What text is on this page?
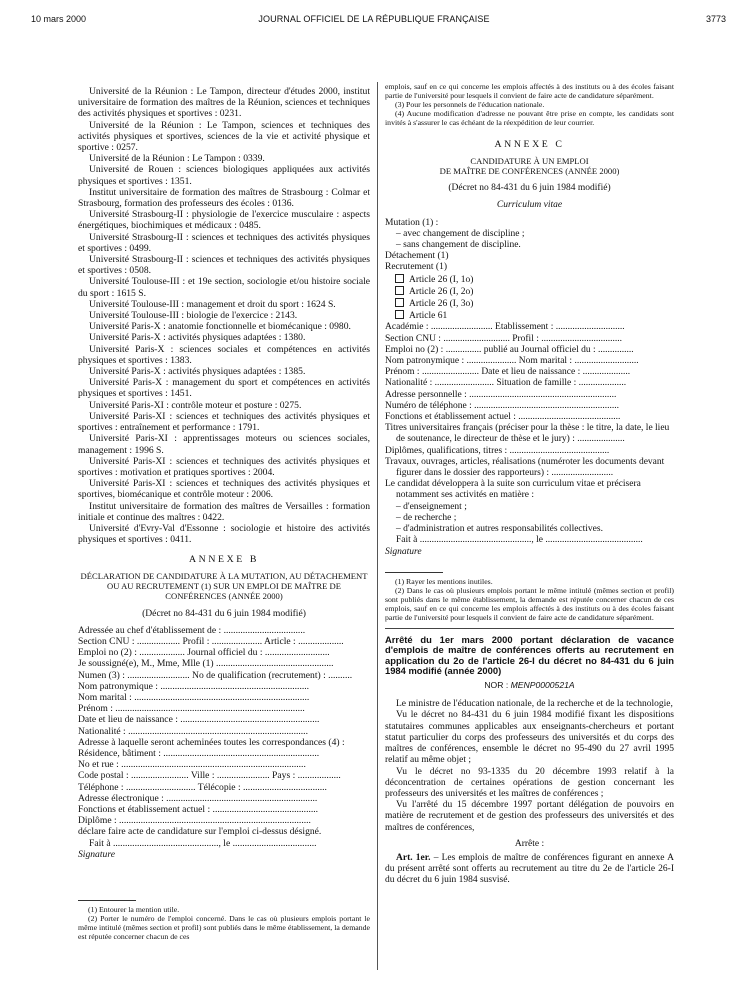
10 mars 2000	JOURNAL OFFICIEL DE LA RÉPUBLIQUE FRANÇAISE	3773

Université de la Réunion : Le Tampon, directeur d'études 2000, institut universitaire de formation des maîtres de la Réunion, sciences et techniques des activités physiques et sportives : 0231.

Université de la Réunion : Le Tampon, sciences et techniques des activités physiques et sportives, sciences de la vie et activité physique et sportive : 0257.

Université de la Réunion : Le Tampon : 0339.

Université de Rouen : sciences biologiques appliquées aux activités physiques et sportives : 1351.

Institut universitaire de formation des maîtres de Strasbourg : Colmar et Strasbourg, formation des professeurs des écoles : 0136.

Université Strasbourg-II : physiologie de l'exercice musculaire : aspects énergétiques, biochimiques et médicaux : 0485.

Université Strasbourg-II : sciences et techniques des activités physiques et sportives : 0499.

Université Strasbourg-II : sciences et techniques des activités physiques et sportives : 0508.

Université Toulouse-III : et 19e section, sociologie et/ou histoire sociale du sport : 1615 S.

Université Toulouse-III : management et droit du sport : 1624 S.

Université Toulouse-III : biologie de l'exercice : 2143.

Université Paris-X : anatomie fonctionnelle et biomécanique : 0980.

Université Paris-X : activités physiques adaptées : 1380.

Université Paris-X : sciences sociales et compétences en activités physiques et sportives : 1383.

Université Paris-X : activités physiques adaptées : 1385.

Université Paris-X : management du sport et compétences en activités physiques et sportives : 1451.

Université Paris-XI : contrôle moteur et posture : 0275.

Université Paris-XI : sciences et techniques des activités physiques et sportives : entraînement et performance : 1791.

Université Paris-XI : apprentissages moteurs ou sciences sociales, management : 1996 S.

Université Paris-XI : sciences et techniques des activités physiques et sportives : motivation et pratiques sportives : 2004.

Université Paris-XI : sciences et techniques des activités physiques et sportives, biomécanique et contrôle moteur : 2006.

Institut universitaire de formation des maîtres de Versailles : formation initiale et continue des maîtres : 0422.

Université d'Evry-Val d'Essonne : sociologie et histoire des activités physiques et sportives : 0411.

ANNEXE B

DÉCLARATION DE CANDIDATURE À LA MUTATION, AU DÉTACHEMENT OU AU RECRUTEMENT (1) SUR UN EMPLOI DE MAÎTRE DE CONFÉRENCES (ANNÉE 2000)

(Décret no 84-431 du 6 juin 1984 modifié)

Adressée au chef d'établissement de : ..................................

Section CNU : .................. Profil : ..................... Article : ...................

Emploi no (2) : ................... Journal officiel du : ...........................

Je soussigné(e), M., Mme, Mlle (1) .................................................

Numen (3) : .......................... No de qualification (recrutement) : ..........

Nom patronymique : ..............................................................

Nom marital : .........................................................................

Prénom : ...............................................................................

Date et lieu de naissance : ..........................................................

Nationalité : ...........................................................................

Adresse à laquelle seront acheminées toutes les correspondances (4) :

Résidence, bâtiment : .................................................................

No et rue : .............................................................................

Code postal : ........................ Ville : ...................... Pays : ..................

Téléphone : ............................. Télécopie : ...................................

Adresse électronique : ...............................................................

Fonctions et établissement actuel : ............................................

Diplôme : ................................................................................

déclare faire acte de candidature sur l'emploi ci-dessus désigné.

Fait à ............................................, le ...................................

Signature

(1) Entourer la mention utile.

(2) Porter le numéro de l'emploi concerné. Dans le cas où plusieurs emplois portant le même intitulé (mêmes section et profil) sont publiés dans le même établissement, la demande est réputée concerner chacun de ces

emplois, sauf en ce qui concerne les emplois affectés à des instituts ou à des écoles faisant partie de l'université pour lesquels il convient de faire acte de candidature séparément.

(3) Pour les personnels de l'éducation nationale.

(4) Aucune modification d'adresse ne pouvant être prise en compte, les candidats sont invités à s'assurer le cas échéant de la réexpédition de leur courrier.

ANNEXE C

CANDIDATURE À UN EMPLOI

DE MAÎTRE DE CONFÉRENCES (ANNÉE 2000)

(Décret no 84-431 du 6 juin 1984 modifié)

Curriculum vitae

Mutation (1) :

– avec changement de discipline ;

– sans changement de discipline.

Détachement (1)

Recrutement (1)

Article 26 (I, 1o)

Article 26 (I, 2o)

Article 26 (I, 3o)

Article 61

Académie : .......................... Etablissement : .............................

Section CNU : ............................ Profil : ..................................

Emploi no (2) : ............... publié au Journal officiel du : ...............

Nom patronymique : ..................... Nom marital : ...........................

Prénom : ........................ Date et lieu de naissance : ....................

Nationalité : ......................... Situation de famille : ....................

Adresse personnelle : ..............................................................

Numéro de téléphone : .............................................................

Fonctions et établissement actuel : ...........................................

Titres universitaires français (préciser pour la thèse : le titre, la date, le lieu de soutenance, le directeur de thèse et le jury) : ....................

Diplômes, qualifications, titres : ..........................................

Travaux, ouvrages, articles, réalisations (numéroter les documents devant figurer dans le dossier des rapporteurs) : ..........................

Le candidat développera à la suite son curriculum vitae et précisera notamment ses activités en matière :

– d'enseignement ;

– de recherche ;

– d'administration et autres responsabilités collectives.

Fait à ..............................................., le .........................................

Signature

(1) Rayer les mentions inutiles.

(2) Dans le cas où plusieurs emplois portant le même intitulé (mêmes section et profil) sont publiés dans le même établissement, la demande est réputée concerner chacun de ces emplois, sauf en ce qui concerne les emplois affectés à des instituts ou à des écoles faisant partie de l'université pour lesquels il convient de faire acte de candidature séparément.

Arrêté du 1er mars 2000 portant déclaration de vacance d'emplois de maître de conférences offerts au recrutement en application du 2o de l'article 26-I du décret no 84-431 du 6 juin 1984 modifié (année 2000)

NOR : MENP0000521A

Le ministre de l'éducation nationale, de la recherche et de la technologie,

Vu le décret no 84-431 du 6 juin 1984 modifié fixant les dispositions statutaires communes applicables aux enseignants-chercheurs et portant statut particulier du corps des professeurs des universités et du corps des maîtres de conférences, ensemble le décret no 95-490 du 27 avril 1995 relatif au même objet ;

Vu le décret no 93-1335 du 20 décembre 1993 relatif à la déconcentration de certaines opérations de gestion concernant les professeurs des universités et les maîtres de conférences ;

Vu l'arrêté du 15 décembre 1997 portant délégation de pouvoirs en matière de recrutement et de gestion des professeurs des universités et des maîtres de conférences,

Arrête :

Art. 1er. – Les emplois de maître de conférences figurant en annexe A du présent arrêté sont offerts au recrutement au titre du 2e de l'article 26-I du décret du 6 juin 1984 susvisé.
